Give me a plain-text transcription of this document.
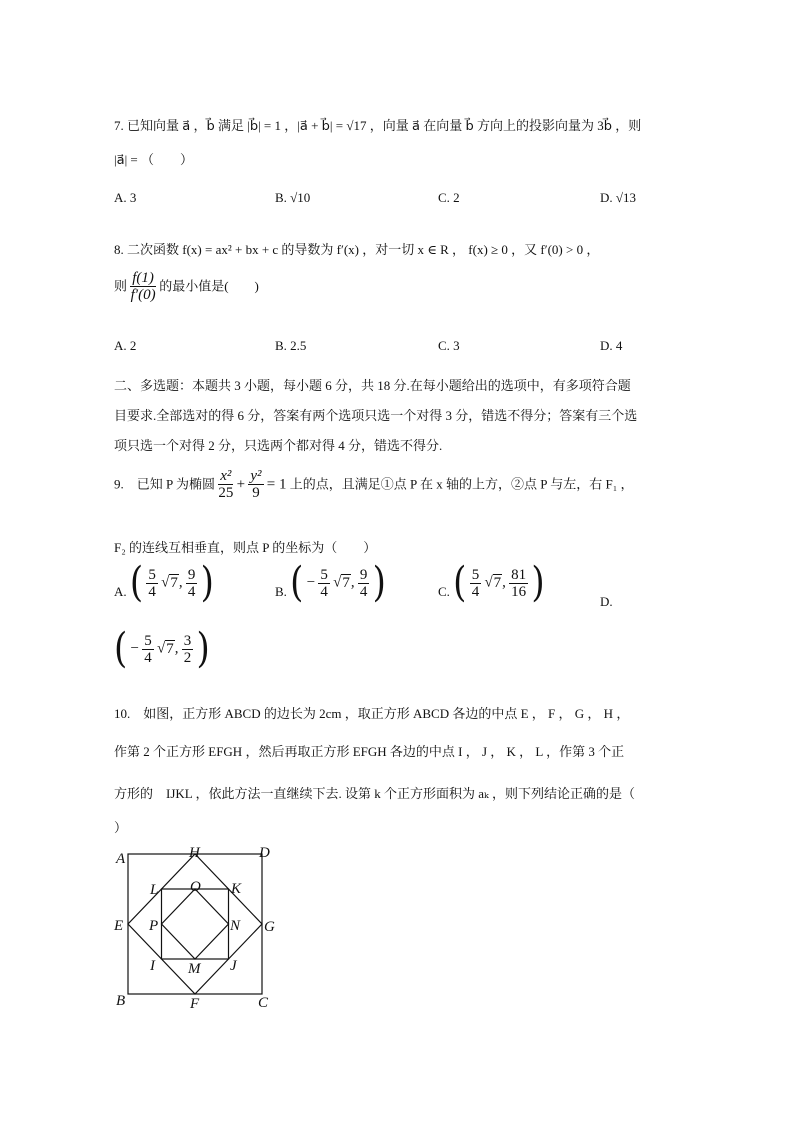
7. 已知向量 a⃗ ，b⃗ 满足 |b⃗| = 1 ，|a⃗ + b⃗| = √17 ，向量 a⃗ 在向量 b⃗ 方向上的投影向量为 3b⃗ ，则
|a⃗| = （　　）
A. 3	B. √10	C. 2	D. √13
8. 二次函数 f(x) = ax² + bx + c 的导数为 f′(x) ，对一切 x ∈ R ， f(x) ≥ 0 ，又 f′(0) > 0 ，
则 $\frac{f(1)}{f'(0)}$ 的最小值是(　　)
A. 2	B. 2.5	C. 3	D. 4
二、多选题：本题共 3 小题，每小题 6 分，共 18 分.在每小题给出的选项中，有多项符合题
目要求.全部选对的得 6 分，答案有两个选项只选一个对得 3 分，错选不得分；答案有三个选
项只选一个对得 2 分，只选两个都对得 4 分，错选不得分.
9.　已知 P 为椭圆 $\frac{\text{x²}}{25} + \frac{\text{y²}}{9} = 1$ 上的点，且满足①点 P 在 x 轴的上方，②点 P 与左，右 F₁ ，
F₂ 的连线互相垂直，则点 P 的坐标为（　　）
A. ( $\frac{5}{4} √7$, $\frac{9}{4}$ )	B. ( − $\frac{5}{4} √7$, $\frac{9}{4}$ )	C. ( $\frac{5}{4} √7$, $\frac{81}{16}$ )	D.
( − $\frac{5}{4} √7$, $\frac{3}{2}$ )
10.　如图，正方形 ABCD 的边长为 2cm ，取正方形 ABCD 各边的中点 E ， F ， G ， H ，
作第 2 个正方形 EFGH ，然后再取正方形 EFGH 各边的中点 I ， J ， K ， L ，作第 3 个正
方形的　IJKL ，依此方法一直继续下去. 设第 k 个正方形面积为 aₖ ，则下列结论正确的是（
）
A	H	D
L O K
E P	N G
I M J
B	F	C
